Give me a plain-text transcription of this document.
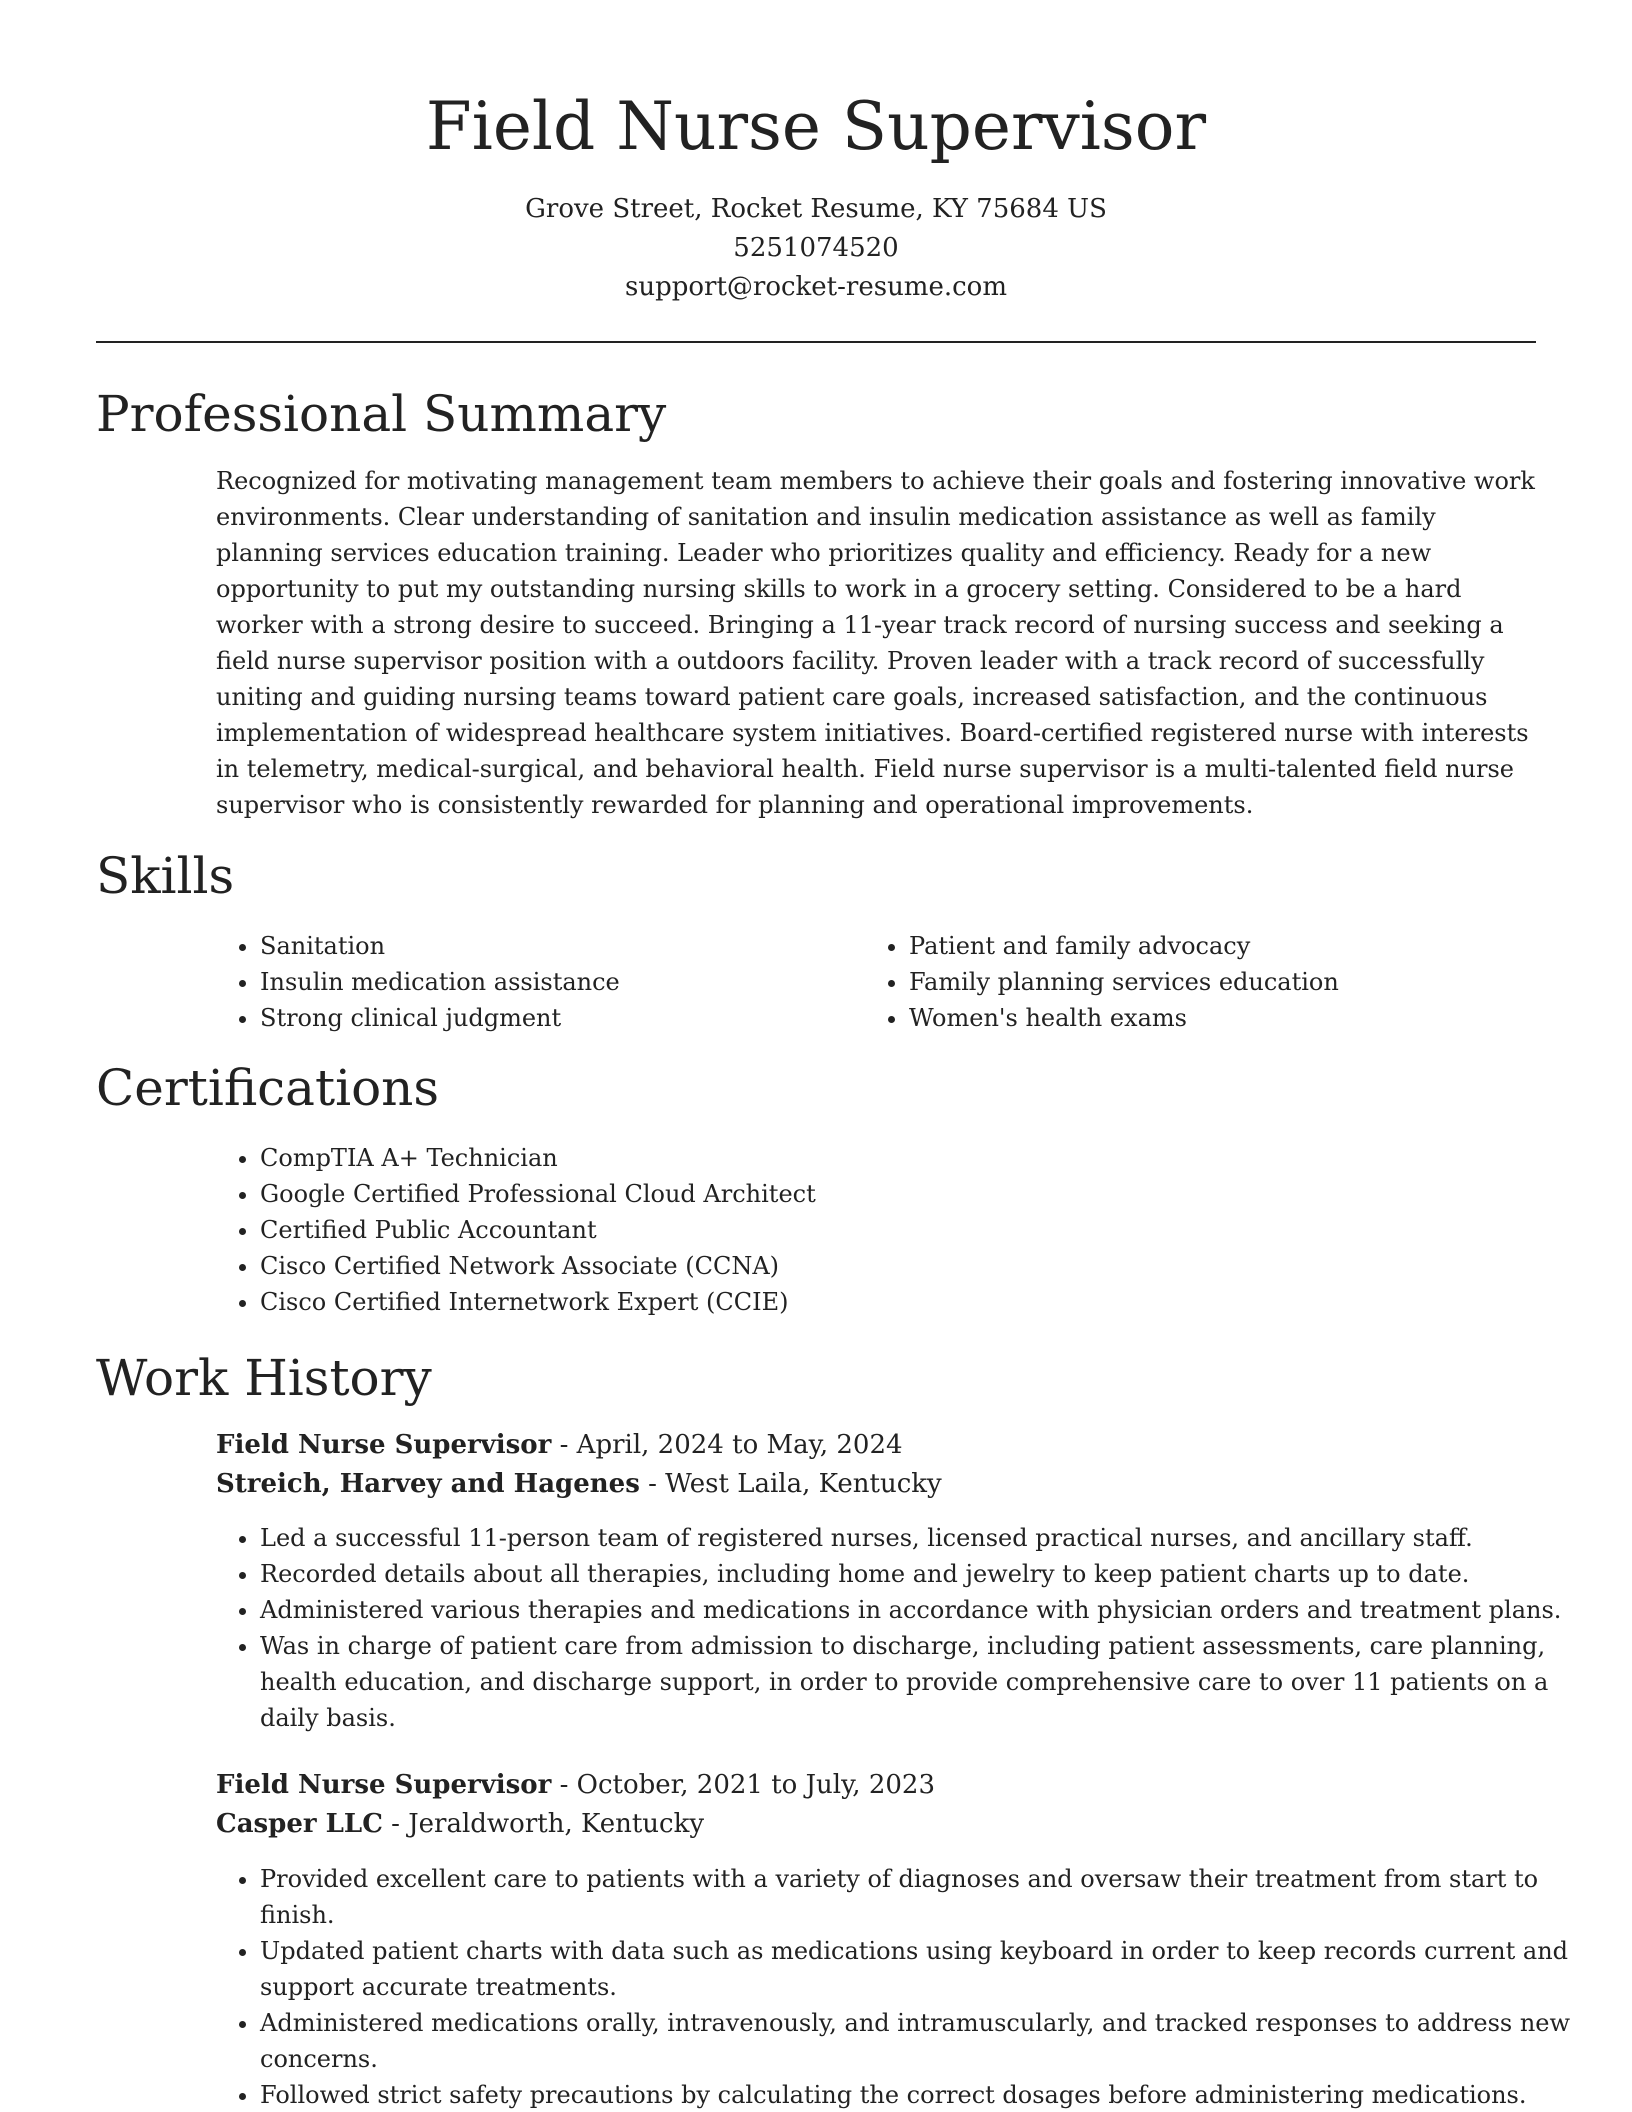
Field Nurse Supervisor
Grove Street, Rocket Resume, KY 75684 US
5251074520
support@rocket-resume.com
Professional Summary

Recognized for motivating management team members to achieve their goals and fostering innovative work environments. Clear understanding of sanitation and insulin medication assistance as well as family planning services education training. Leader who prioritizes quality and efficiency. Ready for a new opportunity to put my outstanding nursing skills to work in a grocery setting. Considered to be a hard worker with a strong desire to succeed. Bringing a 11-year track record of nursing success and seeking a field nurse supervisor position with a outdoors facility. Proven leader with a track record of successfully uniting and guiding nursing teams toward patient care goals, increased satisfaction, and the continuous implementation of widespread healthcare system initiatives. Board-certified registered nurse with interests in telemetry, medical-surgical, and behavioral health. Field nurse supervisor is a multi-talented field nurse supervisor who is consistently rewarded for planning and operational improvements.

Skills
• Sanitation
• Insulin medication assistance
• Strong clinical judgment
• Patient and family advocacy
• Family planning services education
• Women's health exams
Certifications
• CompTIA A+ Technician
• Google Certified Professional Cloud Architect
• Certified Public Accountant
• Cisco Certified Network Associate (CCNA)
• Cisco Certified Internetwork Expert (CCIE)
Work History
Field Nurse Supervisor - April, 2024 to May, 2024
Streich, Harvey and Hagenes - West Laila, Kentucky
• Led a successful 11-person team of registered nurses, licensed practical nurses, and ancillary staff.
• Recorded details about all therapies, including home and jewelry to keep patient charts up to date.
• Administered various therapies and medications in accordance with physician orders and treatment plans.
• Was in charge of patient care from admission to discharge, including patient assessments, care planning, health education, and discharge support, in order to provide comprehensive care to over 11 patients on a daily basis.
Field Nurse Supervisor - October, 2021 to July, 2023
Casper LLC - Jeraldworth, Kentucky
• Provided excellent care to patients with a variety of diagnoses and oversaw their treatment from start to finish.
• Updated patient charts with data such as medications using keyboard in order to keep records current and support accurate treatments.
• Administered medications orally, intravenously, and intramuscularly, and tracked responses to address new concerns.
• Followed strict safety precautions by calculating the correct dosages before administering medications.
